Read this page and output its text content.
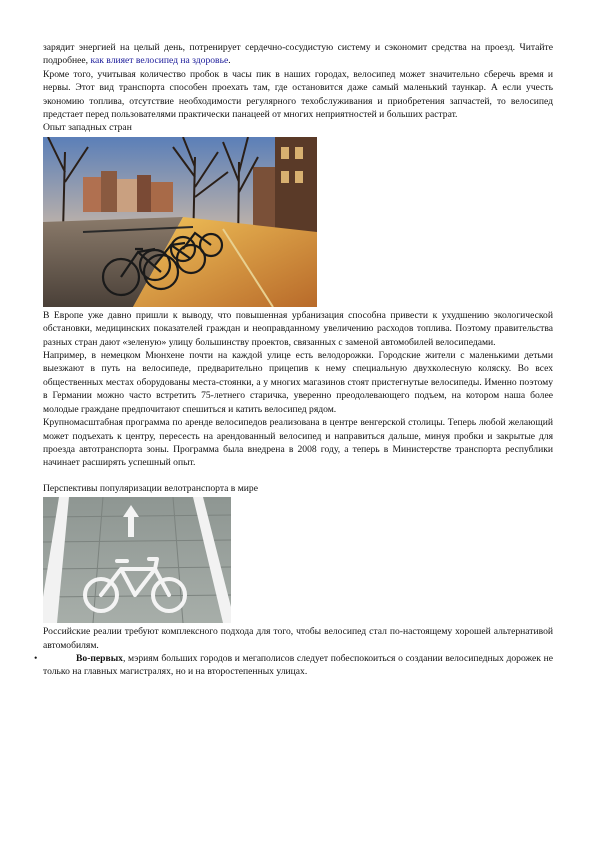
зарядит энергией на целый день, потренирует сердечно-сосудистую систему и сэкономит средства на проезд. Читайте подробнее, как влияет велосипед на здоровье.

Кроме того, учитывая количество пробок в часы пик в наших городах, велосипед может значительно сберечь время и нервы. Этот вид транспорта способен проехать там, где остановится даже самый маленький таункар. А если учесть экономию топлива, отсутствие необходимости регулярного техобслуживания и приобретения запчастей, то велосипед предстает перед пользователями практически панацеей от многих неприятностей и больших растрат.

Опыт западных стран

В Европе уже давно пришли к выводу, что повышенная урбанизация способна привести к ухудшению экологической обстановки, медицинских показателей граждан и неоправданному увеличению расходов топлива. Поэтому правительства разных стран дают «зеленую» улицу большинству проектов, связанных с заменой автомобилей велосипедами.

Например, в немецком Мюнхене почти на каждой улице есть велодорожки. Городские жители с маленькими детьми выезжают в путь на велосипеде, предварительно прицепив к нему специальную двухколесную коляску. Во всех общественных местах оборудованы места-стоянки, а у многих магазинов стоят пристегнутые велосипеды. Именно поэтому в Германии можно часто встретить 75-летнего старичка, уверенно преодолевающего подъем, на котором наша более молодые граждане предпочитают спешиться и катить велосипед рядом.

Крупномасштабная программа по аренде велосипедов реализована в центре венгерской столицы. Теперь любой желающий может подъехать к центру, пересесть на арендованный велосипед и направиться дальше, минуя пробки и закрытые для проезда автотранспорта зоны. Программа была внедрена в 2008 году, а теперь в Министерстве транспорта республики начинает расширять успешный опыт.

Перспективы популяризации велотранспорта в мире

Российские реалии требуют комплексного подхода для того, чтобы велосипед стал по-настоящему хорошей альтернативой автомобилям.

•	Во-первых, мэриям больших городов и мегаполисов следует побеспокоиться о создании велосипедных дорожек не только на главных магистралях, но и на второстепенных улицах.
